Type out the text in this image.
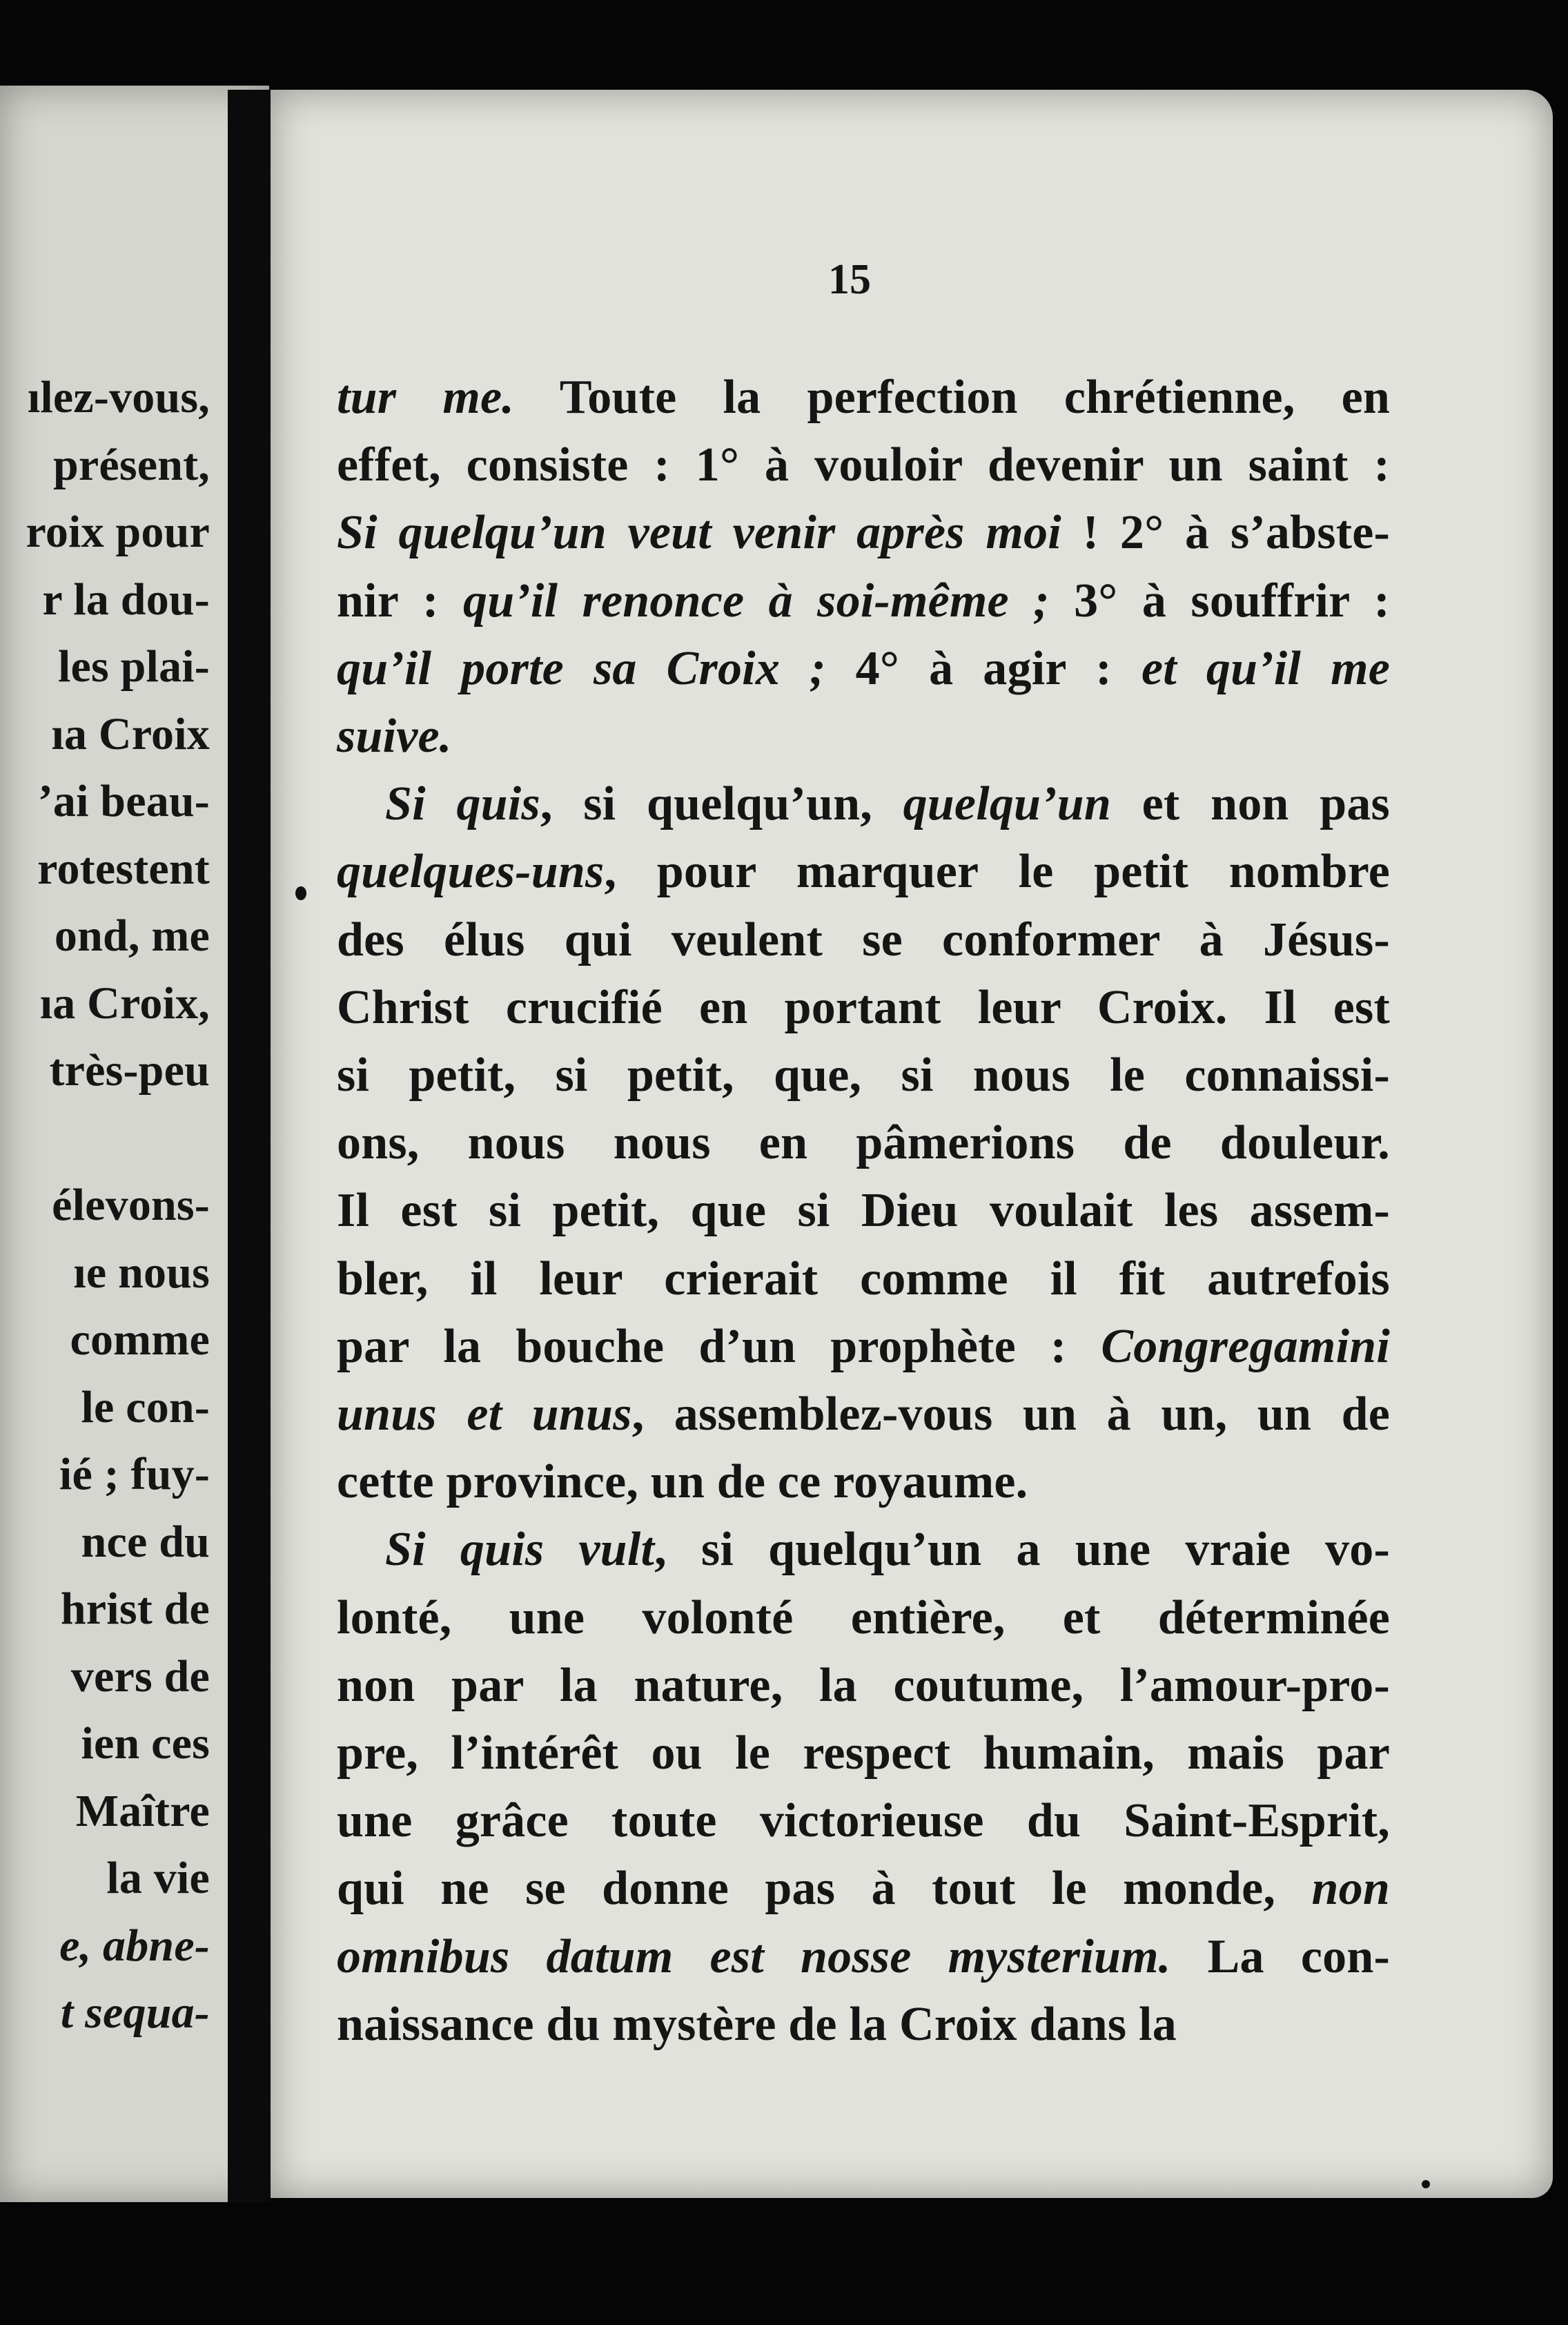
15

ılez-vous,

présent,

roix pour

r la dou-

les plai-

ıa Croix

’ai beau-

rotestent

ond, me

ıa Croix,

très-peu

élevons-

ıe nous

comme

le con-

ié ; fuy-

nce du

hrist de

vers de

ien ces

Maître

la vie

e, abne-

t sequa-

tur me. Toute la perfection chrétienne, en

effet, consiste : 1° à vouloir devenir un saint :

Si quelqu’un veut venir après moi ! 2° à s’abste-

nir : qu’il renonce à soi-même ; 3° à souffrir :

qu’il porte sa Croix ; 4° à agir : et qu’il me

suive.

Si quis, si quelqu’un, quelqu’un et non pas

quelques-uns, pour marquer le petit nombre

des élus qui veulent se conformer à Jésus-

Christ crucifié en portant leur Croix. Il est

si petit, si petit, que, si nous le connaissi-

ons, nous nous en pâmerions de douleur.

Il est si petit, que si Dieu voulait les assem-

bler, il leur crierait comme il fit autrefois

par la bouche d’un prophète : Congregamini

unus et unus, assemblez-vous un à un, un de

cette province, un de ce royaume.

Si quis vult, si quelqu’un a une vraie vo-

lonté, une volonté entière, et déterminée

non par la nature, la coutume, l’amour-pro-

pre, l’intérêt ou le respect humain, mais par

une grâce toute victorieuse du Saint-Esprit,

qui ne se donne pas à tout le monde, non

omnibus datum est nosse mysterium. La con-

naissance du mystère de la Croix dans la
